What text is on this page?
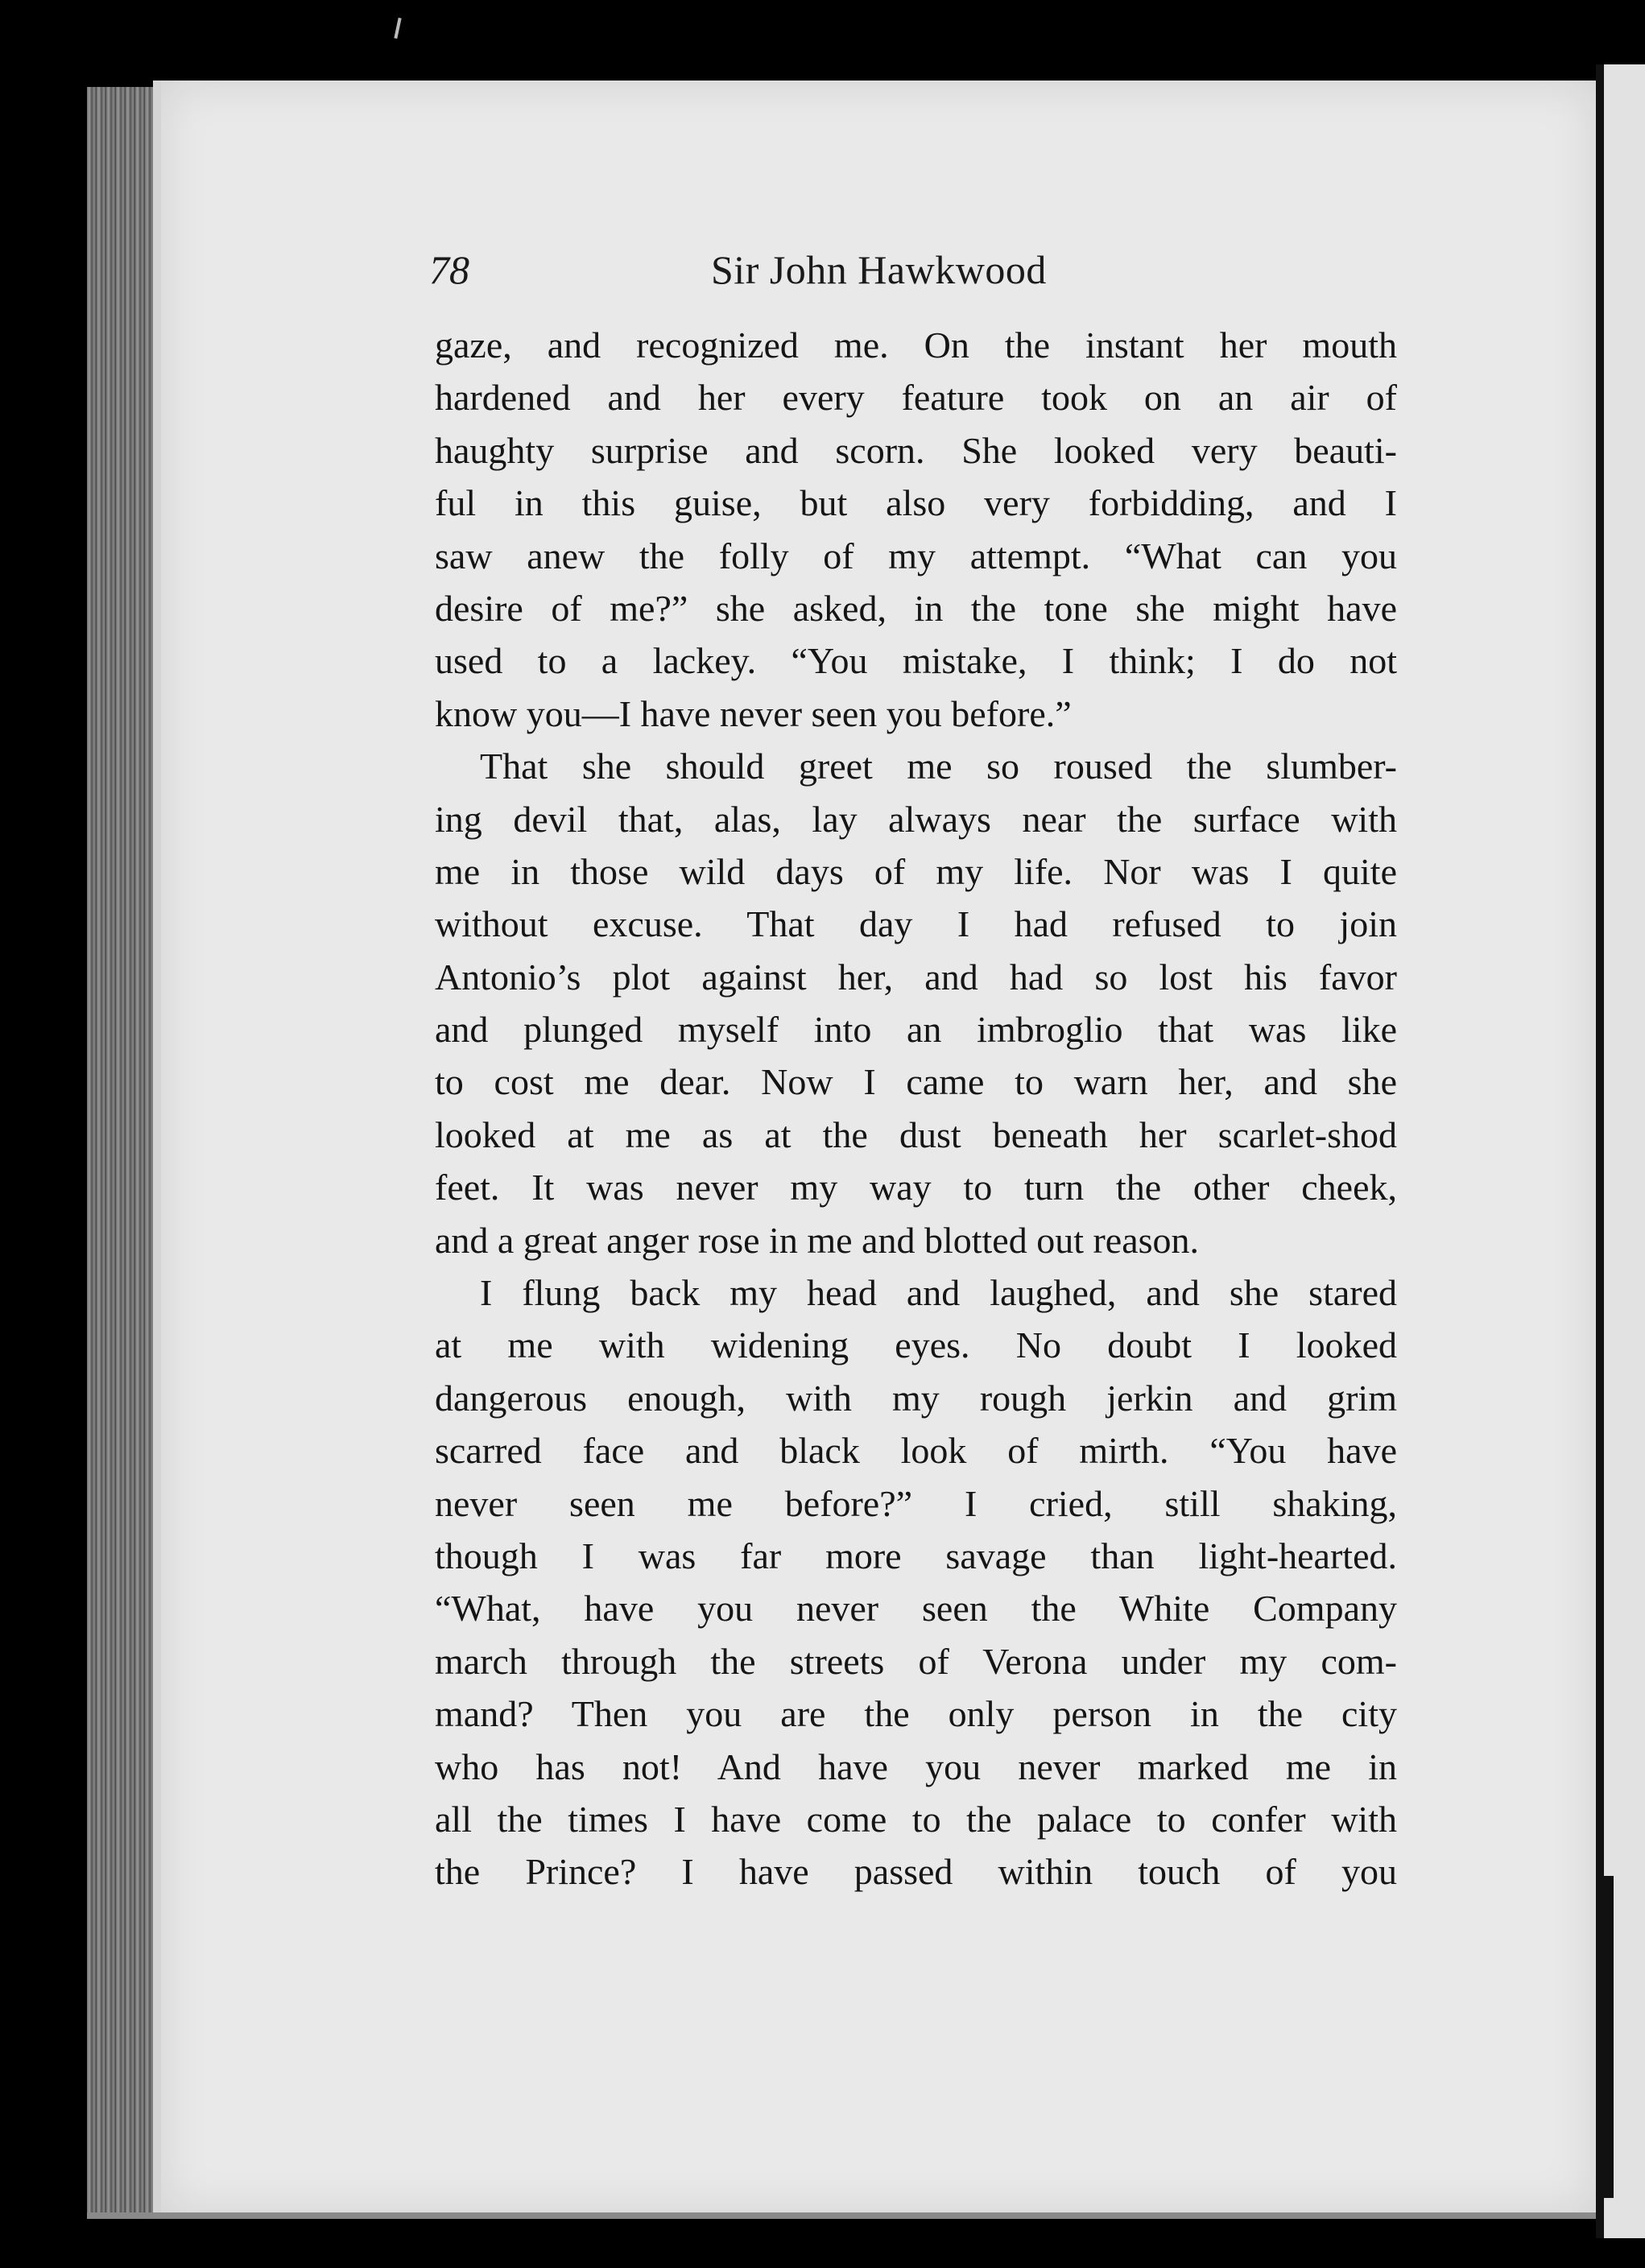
78	Sir John Hawkwood
gaze, and recognized me. On the instant her mouth
hardened and her every feature took on an air of
haughty surprise and scorn. She looked very beauti-
ful in this guise, but also very forbidding, and I
saw anew the folly of my attempt. “What can you
desire of me?” she asked, in the tone she might have
used to a lackey. “You mistake, I think; I do not
know you—I have never seen you before.”
That she should greet me so roused the slumber-
ing devil that, alas, lay always near the surface with
me in those wild days of my life. Nor was I quite
without excuse. That day I had refused to join
Antonio’s plot against her, and had so lost his favor
and plunged myself into an imbroglio that was like
to cost me dear. Now I came to warn her, and she
looked at me as at the dust beneath her scarlet-shod
feet. It was never my way to turn the other cheek,
and a great anger rose in me and blotted out reason.
I flung back my head and laughed, and she stared
at me with widening eyes. No doubt I looked
dangerous enough, with my rough jerkin and grim
scarred face and black look of mirth. “You have
never seen me before?” I cried, still shaking,
though I was far more savage than light-hearted.
“What, have you never seen the White Company
march through the streets of Verona under my com-
mand? Then you are the only person in the city
who has not! And have you never marked me in
all the times I have come to the palace to confer with
the Prince? I have passed within touch of you
